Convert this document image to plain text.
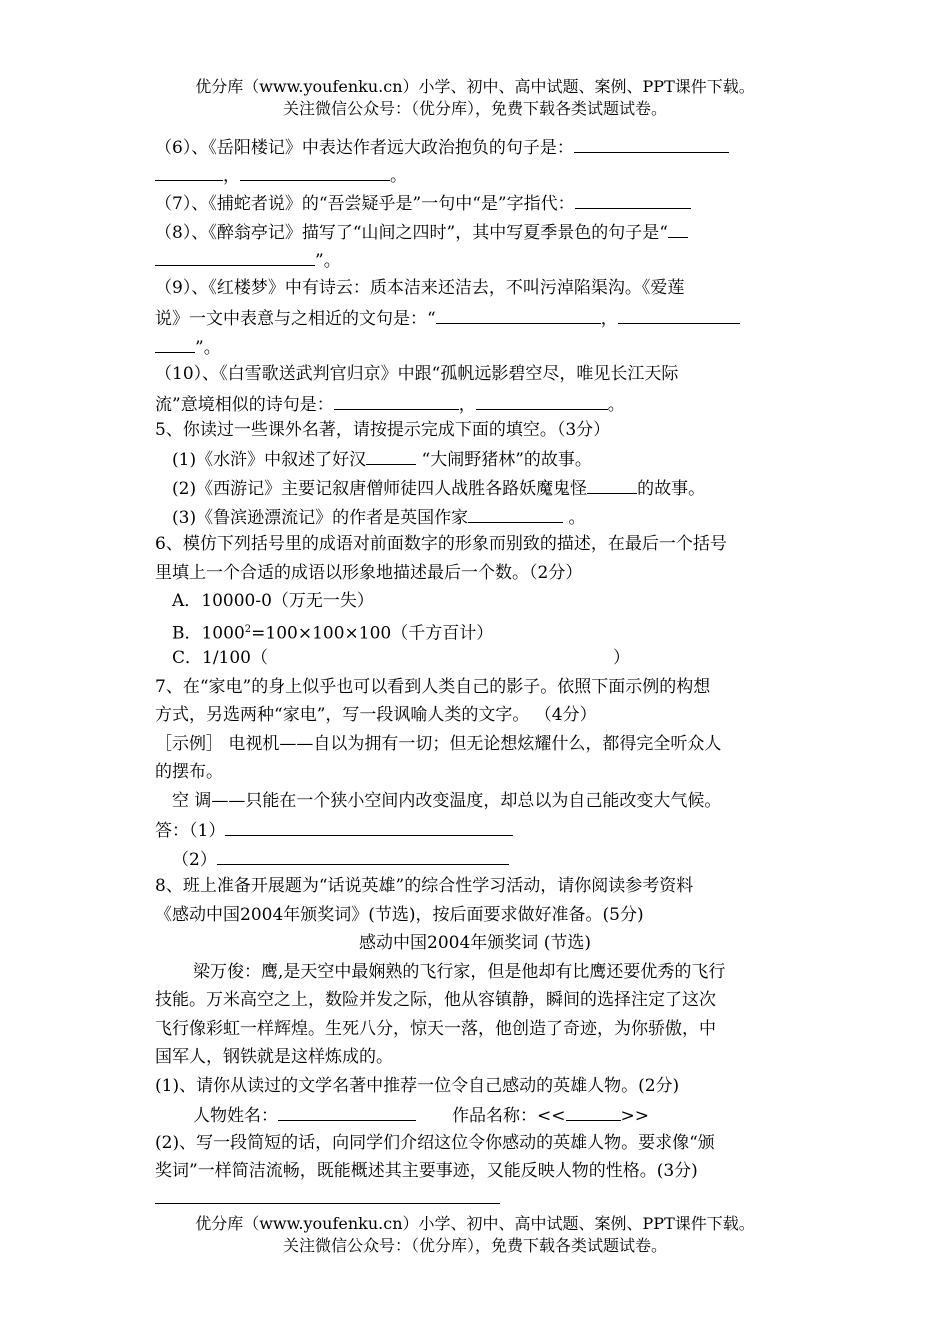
优分库（www.youfenku.cn）小学、初中、高中试题、案例、PPT课件下载。
关注微信公众号：（优分库），免费下载各类试题试卷。
（6）、《岳阳楼记》中表达作者远大政治抱负的句子是：
，	。
（7）、《捕蛇者说》的“吾尝疑乎是”一句中“是”字指代：
（8）、《醉翁亭记》描写了“山间之四时”，其中写夏季景色的句子是“
”。
（9）、《红楼梦》中有诗云：质本洁来还洁去，不叫污淖陷渠沟。《爱莲
说》一文中表意与之相近的文句是：“	，
”。
（10）、《白雪歌送武判官归京》中跟“孤帆远影碧空尽，唯见长江天际
流”意境相似的诗句是：	，	。
5、你读过一些课外名著，请按提示完成下面的填空。（3分）
(1)《水浒》中叙述了好汉	“大闹野猪林”的故事。
(2)《西游记》主要记叙唐僧师徒四人战胜各路妖魔鬼怪	的故事。
(3)《鲁滨逊漂流记》的作者是英国作家	。
6、模仿下列括号里的成语对前面数字的形象而别致的描述，在最后一个括号
里填上一个合适的成语以形象地描述最后一个数。（2分）
A．10000-0（万无一失）
B．$1000^2=100\times 100\times 100$（千方百计）
C．1/100（	）
7、在“家电”的身上似乎也可以看到人类自己的影子。依照下面示例的构想
方式，另选两种“家电”，写一段讽喻人类的文字。 （4分）
［示例］ 电视机——自以为拥有一切；但无论想炫耀什么，都得完全听众人
的摆布。
空 调——只能在一个狭小空间内改变温度，却总以为自己能改变大气候。
答：（1）
（2）
8、班上准备开展题为“话说英雄”的综合性学习活动，请你阅读参考资料
《感动中国2004年颁奖词》(节选)，按后面要求做好准备。(5分)
感动中国2004年颁奖词 (节选)
梁万俊：鹰,是天空中最娴熟的飞行家，但是他却有比鹰还要优秀的飞行
技能。万米高空之上，数险并发之际，他从容镇静，瞬间的选择注定了这次
飞行像彩虹一样辉煌。生死八分，惊天一落，他创造了奇迹，为你骄傲，中
国军人，钢铁就是这样炼成的。
(1)、请你从读过的文学名著中推荐一位令自己感动的英雄人物。(2分)
人物姓名：	作品名称：<<	>>
(2)、写一段简短的话，向同学们介绍这位令你感动的英雄人物。要求像“颁
奖词”一样简洁流畅，既能概述其主要事迹，又能反映人物的性格。(3分)
优分库（www.youfenku.cn）小学、初中、高中试题、案例、PPT课件下载。
关注微信公众号：（优分库），免费下载各类试题试卷。
